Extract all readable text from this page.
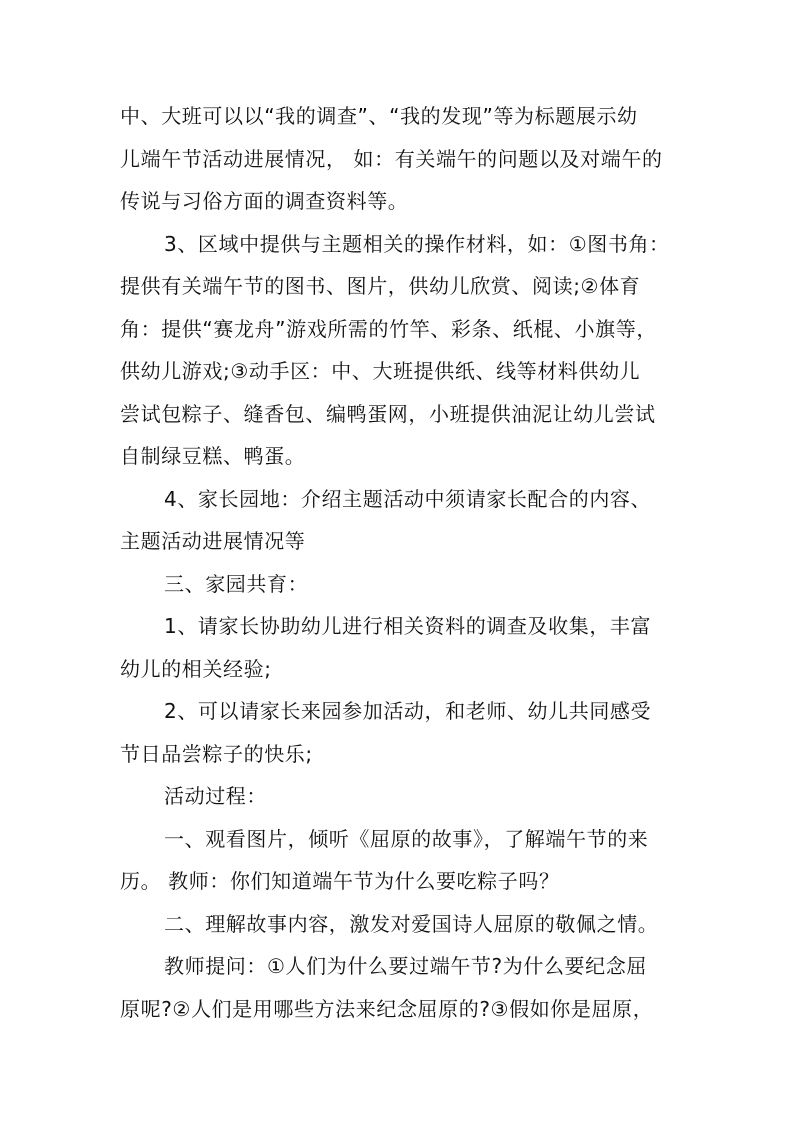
中、大班可以以“我的调查”、“我的发现”等为标题展示幼
儿端午节活动进展情况， 如：有关端午的问题以及对端午的
传说与习俗方面的调查资料等。
3、区域中提供与主题相关的操作材料，如：①图书角：
提供有关端午节的图书、图片，供幼儿欣赏、阅读;②体育
角：提供“赛龙舟”游戏所需的竹竿、彩条、纸棍、小旗等，
供幼儿游戏;③动手区：中、大班提供纸、线等材料供幼儿
尝试包粽子、缝香包、编鸭蛋网，小班提供油泥让幼儿尝试
自制绿豆糕、鸭蛋。
4、家长园地：介绍主题活动中须请家长配合的内容、
主题活动进展情况等
三、家园共育：
1、请家长协助幼儿进行相关资料的调查及收集，丰富
幼儿的相关经验;
2、可以请家长来园参加活动，和老师、幼儿共同感受
节日品尝粽子的快乐;
活动过程：
一、观看图片，倾听《屈原的故事》，了解端午节的来
历。 教师：你们知道端午节为什么要吃粽子吗？
二、理解故事内容，激发对爱国诗人屈原的敬佩之情。
教师提问：①人们为什么要过端午节?为什么要纪念屈
原呢?②人们是用哪些方法来纪念屈原的?③假如你是屈原，
